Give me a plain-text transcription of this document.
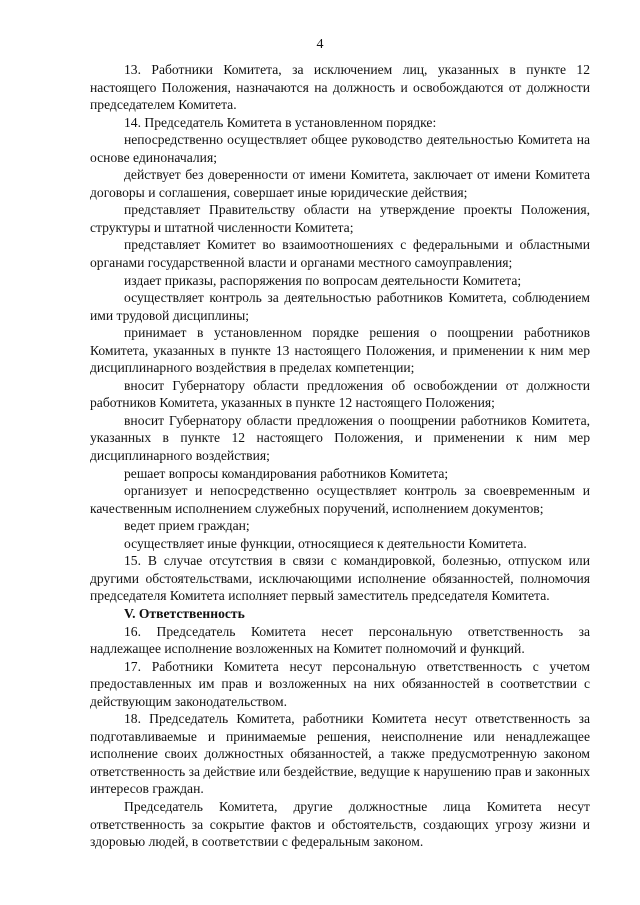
4

13. Работники Комитета, за исключением лиц, указанных в пункте 12 настоящего Положения, назначаются на должность и освобождаются от должности председателем Комитета.

14. Председатель Комитета в установленном порядке:

непосредственно осуществляет общее руководство деятельностью Комитета на основе единоначалия;

действует без доверенности от имени Комитета, заключает от имени Комитета договоры и соглашения, совершает иные юридические действия;

представляет Правительству области на утверждение проекты Положения, структуры и штатной численности Комитета;

представляет Комитет во взаимоотношениях с федеральными и областными органами государственной власти и органами местного самоуправления;

издает приказы, распоряжения по вопросам деятельности Комитета;

осуществляет контроль за деятельностью работников Комитета, соблюдением ими трудовой дисциплины;

принимает в установленном порядке решения о поощрении работников Комитета, указанных в пункте 13 настоящего Положения, и применении к ним мер дисциплинарного воздействия в пределах компетенции;

вносит Губернатору области предложения об освобождении от должности работников Комитета, указанных в пункте 12 настоящего Положения;

вносит Губернатору области предложения о поощрении работников Комитета, указанных в пункте 12 настоящего Положения, и применении к ним мер дисциплинарного воздействия;

решает вопросы командирования работников Комитета;

организует и непосредственно осуществляет контроль за своевременным и качественным исполнением служебных поручений, исполнением документов;

ведет прием граждан;

осуществляет иные функции, относящиеся к деятельности Комитета.

15. В случае отсутствия в связи с командировкой, болезнью, отпуском или другими обстоятельствами, исключающими исполнение обязанностей, полномочия председателя Комитета исполняет первый заместитель председателя Комитета.

V. Ответственность

16. Председатель Комитета несет персональную ответственность за надлежащее исполнение возложенных на Комитет полномочий и функций.

17. Работники Комитета несут персональную ответственность с учетом предоставленных им прав и возложенных на них обязанностей в соответствии с действующим законодательством.

18. Председатель Комитета, работники Комитета несут ответственность за подготавливаемые и принимаемые решения, неисполнение или ненадлежащее исполнение своих должностных обязанностей, а также предусмотренную законом ответственность за действие или бездействие, ведущие к нарушению прав и законных интересов граждан.

Председатель Комитета, другие должностные лица Комитета несут ответственность за сокрытие фактов и обстоятельств, создающих угрозу жизни и здоровью людей, в соответствии с федеральным законом.
